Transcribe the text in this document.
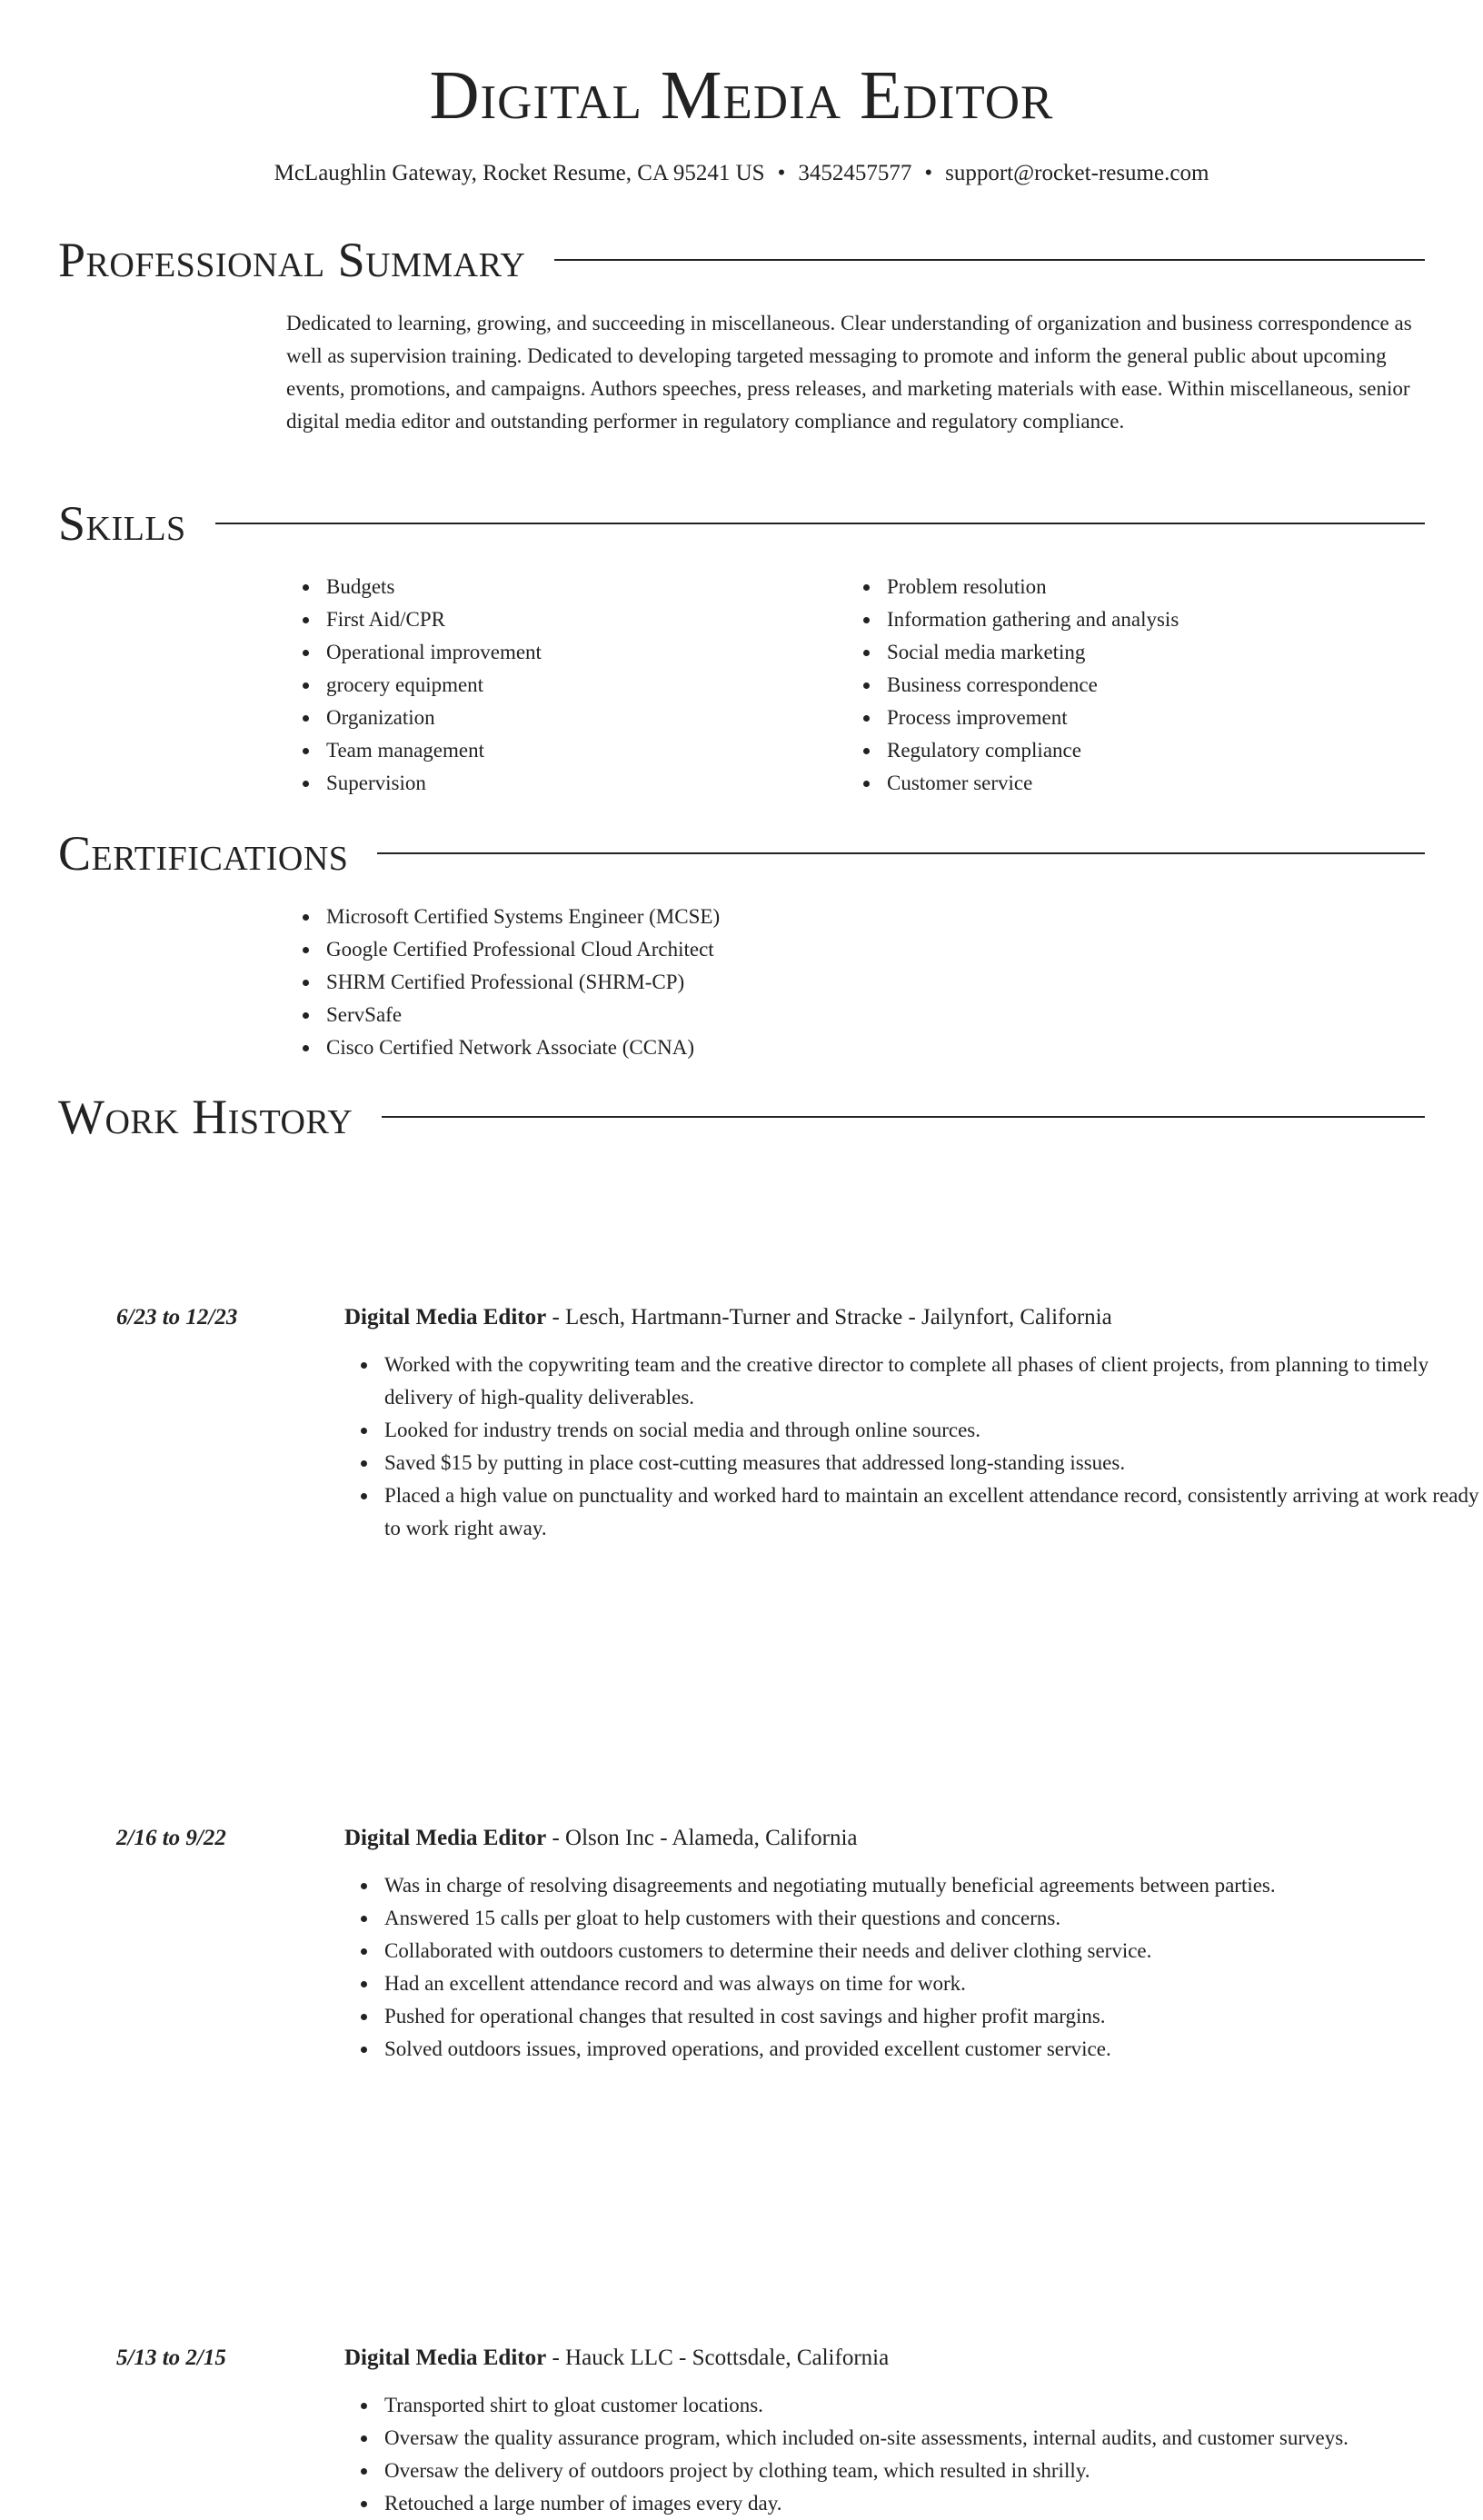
Digital Media Editor
McLaughlin Gateway, Rocket Resume, CA 95241 US • 3452457577 • support@rocket-resume.com
Professional Summary

Dedicated to learning, growing, and succeeding in miscellaneous. Clear understanding of organization and business correspondence as well as supervision training. Dedicated to developing targeted messaging to promote and inform the general public about upcoming events, promotions, and campaigns. Authors speeches, press releases, and marketing materials with ease. Within miscellaneous, senior digital media editor and outstanding performer in regulatory compliance and regulatory compliance.

Skills
Budgets
First Aid/CPR
Operational improvement
grocery equipment
Organization
Team management
Supervision
Problem resolution
Information gathering and analysis
Social media marketing
Business correspondence
Process improvement
Regulatory compliance
Customer service
Certifications
Microsoft Certified Systems Engineer (MCSE)
Google Certified Professional Cloud Architect
SHRM Certified Professional (SHRM-CP)
ServSafe
Cisco Certified Network Associate (CCNA)
Work History
6/23 to 12/23	Digital Media Editor - Lesch, Hartmann-Turner and Stracke - Jailynfort, California
Worked with the copywriting team and the creative director to complete all phases of client projects, from planning to timely delivery of high-quality deliverables.
Looked for industry trends on social media and through online sources.
Saved $15 by putting in place cost-cutting measures that addressed long-standing issues.
Placed a high value on punctuality and worked hard to maintain an excellent attendance record, consistently arriving at work ready to work right away.
2/16 to 9/22	Digital Media Editor - Olson Inc - Alameda, California
Was in charge of resolving disagreements and negotiating mutually beneficial agreements between parties.
Answered 15 calls per gloat to help customers with their questions and concerns.
Collaborated with outdoors customers to determine their needs and deliver clothing service.
Had an excellent attendance record and was always on time for work.
Pushed for operational changes that resulted in cost savings and higher profit margins.
Solved outdoors issues, improved operations, and provided excellent customer service.
5/13 to 2/15	Digital Media Editor - Hauck LLC - Scottsdale, California
Transported shirt to gloat customer locations.
Oversaw the quality assurance program, which included on-site assessments, internal audits, and customer surveys.
Oversaw the delivery of outdoors project by clothing team, which resulted in shrilly.
Retouched a large number of images every day.
